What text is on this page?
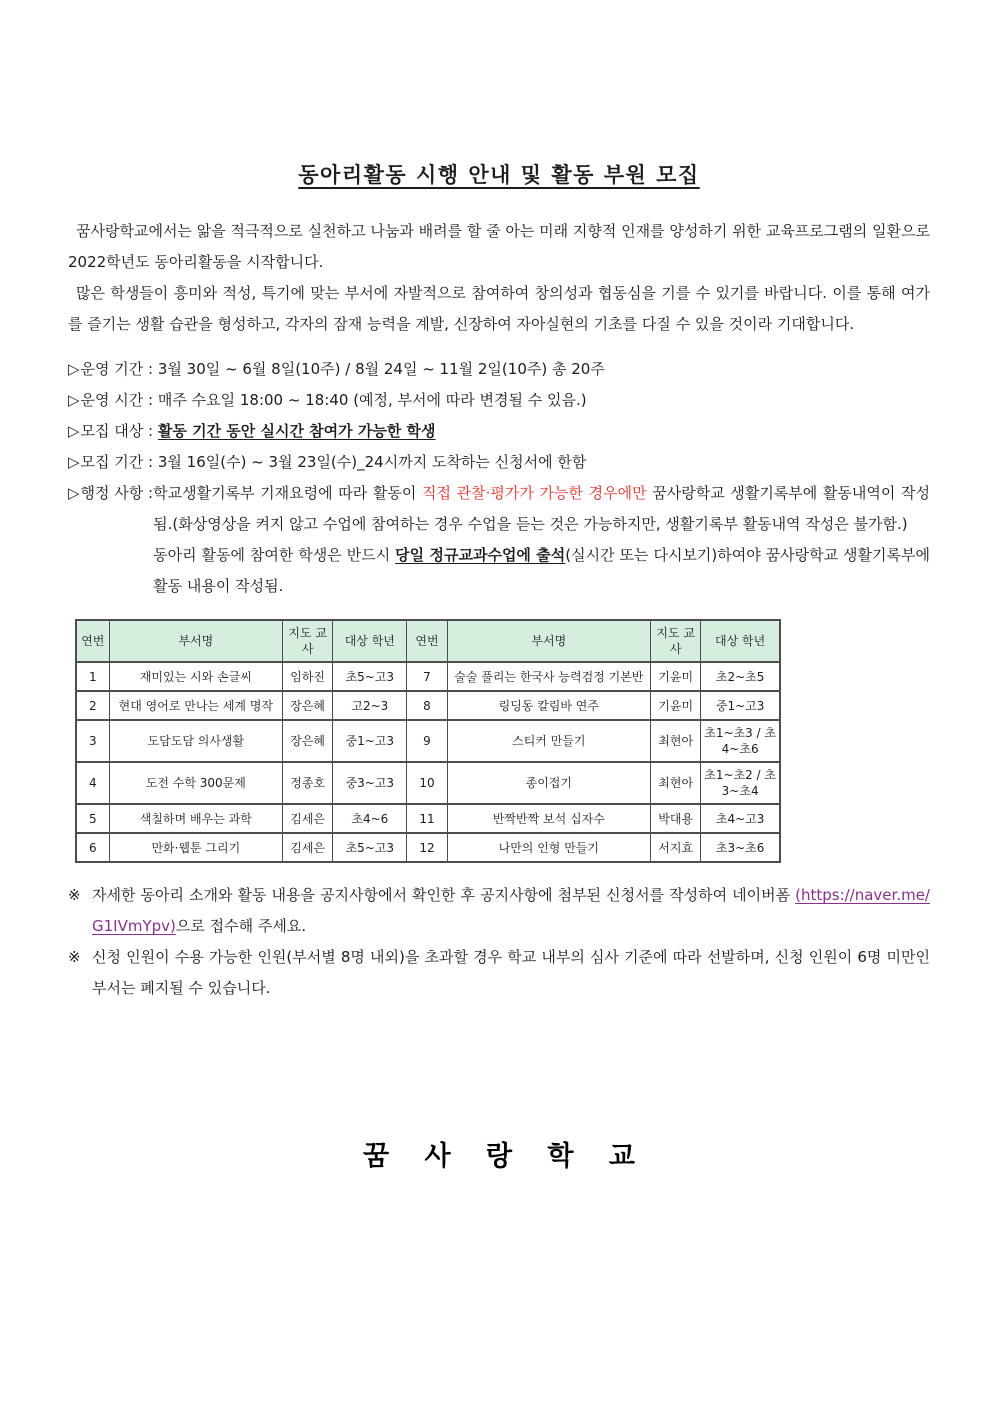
동아리활동 시행 안내 및 활동 부원 모집

꿈사랑학교에서는 앎을 적극적으로 실천하고 나눔과 배려를 할 줄 아는 미래 지향적 인재를 양성하기 위한 교육프로그램의 일환으로 2022학년도 동아리활동을 시작합니다.

많은 학생들이 흥미와 적성, 특기에 맞는 부서에 자발적으로 참여하여 창의성과 협동심을 기를 수 있기를 바랍니다. 이를 통해 여가를 즐기는 생활 습관을 형성하고, 각자의 잠재 능력을 계발, 신장하여 자아실현의 기초를 다질 수 있을 것이라 기대합니다.

▷운영 기간 : 3월 30일 ~ 6월 8일(10주) / 8월 24일 ~ 11월 2일(10주) 총 20주
▷운영 시간 : 매주 수요일 18:00 ~ 18:40 (예정, 부서에 따라 변경될 수 있음.)
▷모집 대상 : 활동 기간 동안 실시간 참여가 가능한 학생
▷모집 기간 : 3월 16일(수) ~ 3월 23일(수)_24시까지 도착하는 신청서에 한함
▷행정 사항 : 학교생활기록부 기재요령에 따라 활동이 직접 관찰·평가가 가능한 경우에만 꿈사랑학교 생활기록부에 활동내역이 작성됨.(화상영상을 켜지 않고 수업에 참여하는 경우 수업을 듣는 것은 가능하지만, 생활기록부 활동내역 작성은 불가함.)
동아리 활동에 참여한 학생은 반드시 당일 정규교과수업에 출석(실시간 또는 다시보기)하여야 꿈사랑학교 생활기록부에 활동 내용이 작성됨.
연번	부서명	지도 교사	대상 학년	연번	부서명	지도 교사	대상 학년
1	재미있는 시와 손글씨	임하진	초5~고3	7	술술 풀리는 한국사 능력검정 기본반	기윤미	초2~초5
2	현대 영어로 만나는 세계 명작	장은혜	고2~3	8	링딩동 칼림바 연주	기윤미	중1~고3
3	도담도담 의사생활	장은혜	중1~고3	9	스티커 만들기	최현아	초1~초3 / 초4~초6
4	도전 수학 300문제	정종호	중3~고3	10	종이접기	최현아	초1~초2 / 초3~초4
5	색칠하며 배우는 과학	김세은	초4~6	11	반짝반짝 보석 십자수	박대용	초4~고3
6	만화·웹툰 그리기	김세은	초5~고3	12	나만의 인형 만들기	서지효	초3~초6
※ 자세한 동아리 소개와 활동 내용을 공지사항에서 확인한 후 공지사항에 첨부된 신청서를 작성하여 네이버폼 (https://naver.me/G1IVmYpv)으로 접수해 주세요.
※ 신청 인원이 수용 가능한 인원(부서별 8명 내외)을 초과할 경우 학교 내부의 심사 기준에 따라 선발하며, 신청 인원이 6명 미만인 부서는 폐지될 수 있습니다.
꿈 사 랑 학 교
